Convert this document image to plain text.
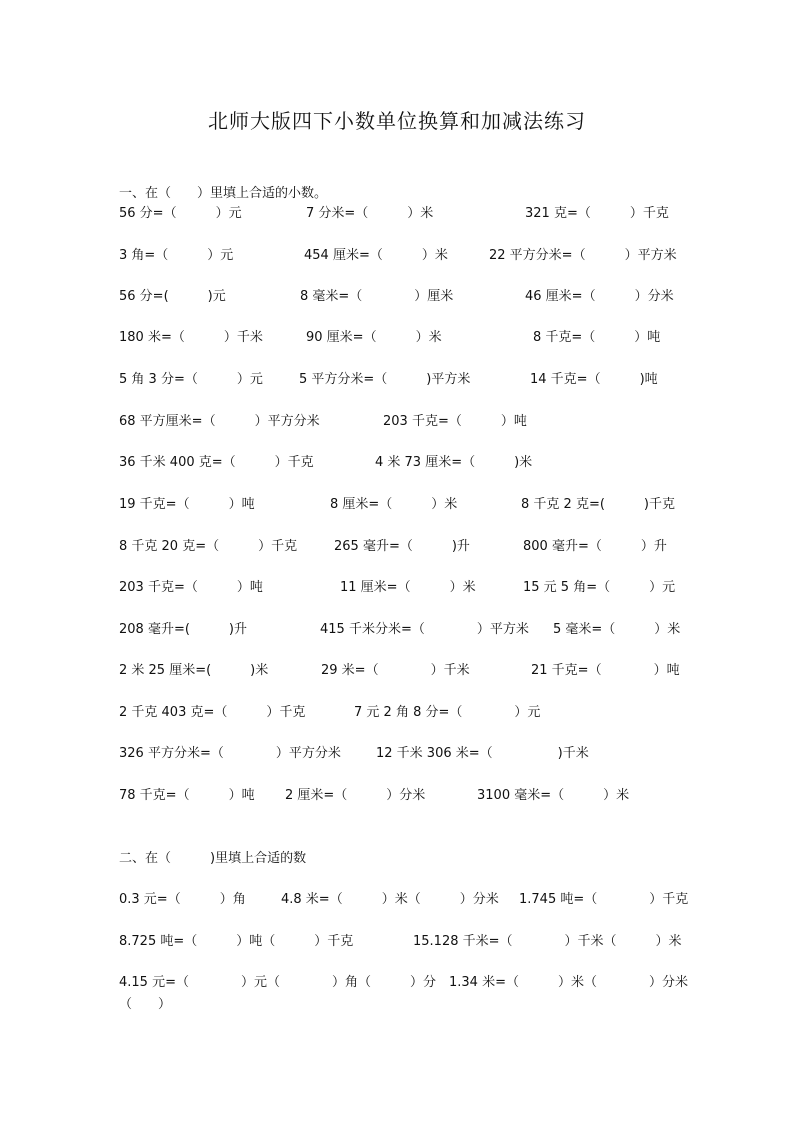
北师大版四下小数单位换算和加减法练习
一、在（　　）里填上合适的小数。
56 分=（　　　）元	7 分米=（　　　）米	321 克=（　　　）千克
3 角=（　　　）元	454 厘米=（　　　）米	22 平方分米=（　　　）平方米
56 分=(　　　)元	8 毫米=（　　　　）厘米	46 厘米=（　　　）分米
180 米=（　　　）千米	90 厘米=（　　　）米	8 千克=（　　　）吨
5 角 3 分=（　　　）元	5 平方分米=（　　　)平方米	14 千克=（　　　)吨
68 平方厘米=（　　　）平方分米	203 千克=（　　　）吨
36 千米 400 克=（　　　）千克	4 米 73 厘米=（　　　)米
19 千克=（　　　）吨	8 厘米=（　　　）米	8 千克 2 克=(　　　)千克
8 千克 20 克=（　　　）千克	265 毫升=（　　　)升	800 毫升=（　　　）升
203 千克=（　　　）吨	11 厘米=（　　　）米	15 元 5 角=（　　　）元
208 毫升=(　　　)升	415 千米分米=（　　　　）平方米 5 毫米=（　　　）米
2 米 25 厘米=(　　　)米	29 米=（　　　　）千米	21 千克=（　　　　）吨
2 千克 403 克=（　　　）千克	7 元 2 角 8 分=（　　　　）元
326 平方分米=（　　　　）平方分米	12 千米 306 米=（　　　　　)千米
78 千克=（　　　）吨 2 厘米=（　　　）分米	3100 毫米=（　　　）米
二、在（　　　)里填上合适的数
0.3 元=（　　　）角	4.8 米=（　　　）米（　　　）分米 1.745 吨=（　　　　）千克
8.725 吨=（　　　）吨（　　　）千克	15.128 千米=（　　　　）千米（　　　）米
4.15 元=（　　　　）元（　　　　）角（　　　）分 1.34 米=（　　　）米（　　　　）分米
（　　）
